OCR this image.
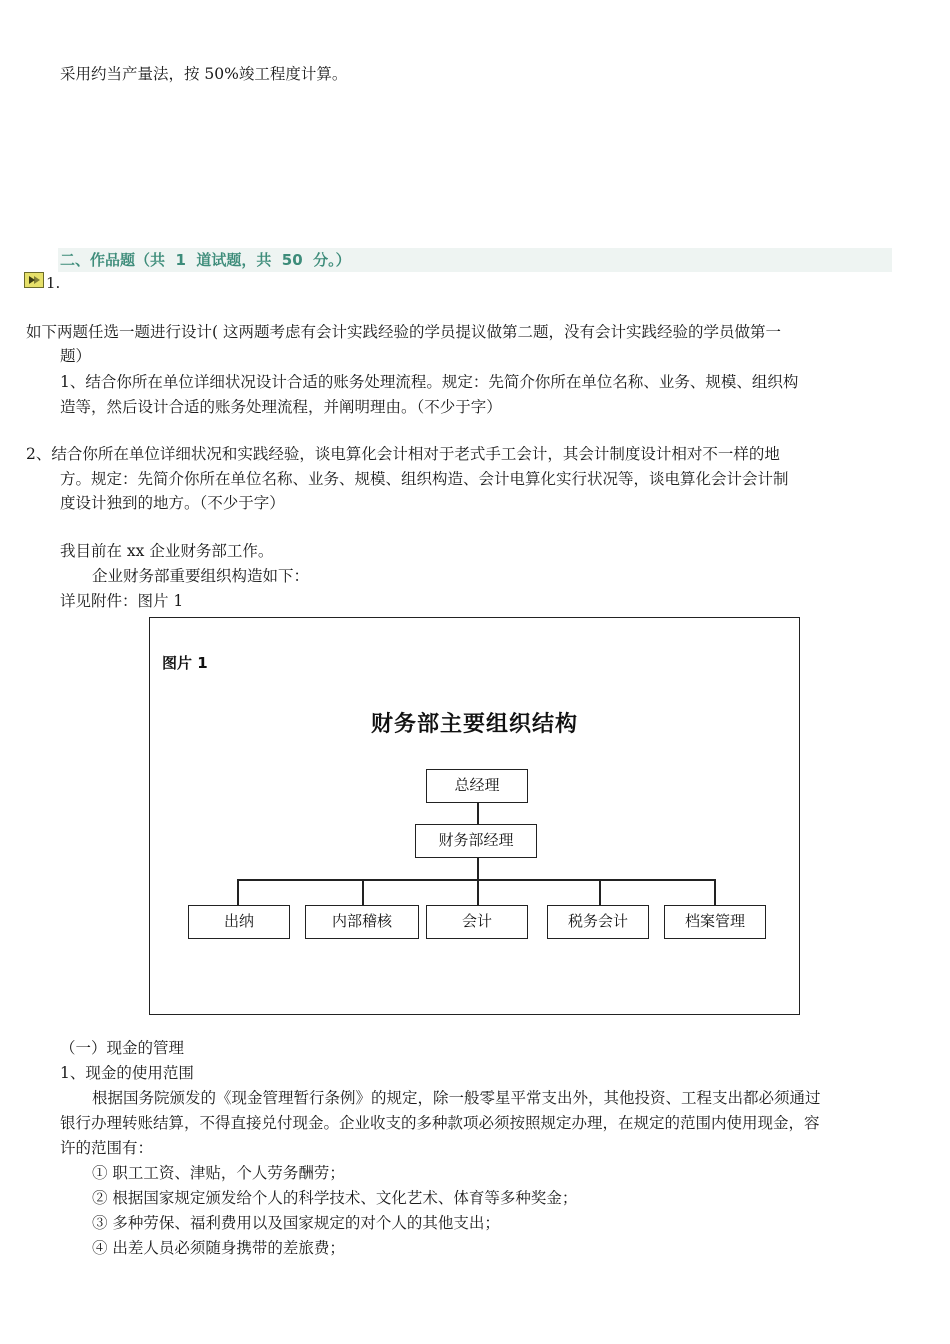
采用约当产量法，按 50%竣工程度计算。
二、作品题（共  1  道试题，共  50  分。）
1.
如下两题任选一题进行设计( 这两题考虑有会计实践经验的学员提议做第二题，没有会计实践经验的学员做第一
题）
1、结合你所在单位详细状况设计合适的账务处理流程。规定：先简介你所在单位名称、业务、规模、组织构
造等，然后设计合适的账务处理流程，并阐明理由。（不少于字）
2、结合你所在单位详细状况和实践经验，谈电算化会计相对于老式手工会计，其会计制度设计相对不一样的地
方。规定：先简介你所在单位名称、业务、规模、组织构造、会计电算化实行状况等，谈电算化会计会计制
度设计独到的地方。（不少于字）
我目前在 xx 企业财务部工作。
企业财务部重要组织构造如下：
详见附件：图片 1
图片 1
财务部主要组织结构
总经理
财务部经理
出纳	内部稽核	会计	税务会计	档案管理
（一）现金的管理
1、现金的使用范围
根据国务院颁发的《现金管理暂行条例》的规定，除一般零星平常支出外，其他投资、工程支出都必须通过
银行办理转账结算，不得直接兑付现金。企业收支的多种款项必须按照规定办理，在规定的范围内使用现金，容
许的范围有：
① 职工工资、津贴，个人劳务酬劳；
② 根据国家规定颁发给个人的科学技术、文化艺术、体育等多种奖金；
③ 多种劳保、福利费用以及国家规定的对个人的其他支出；
④ 出差人员必须随身携带的差旅费；
